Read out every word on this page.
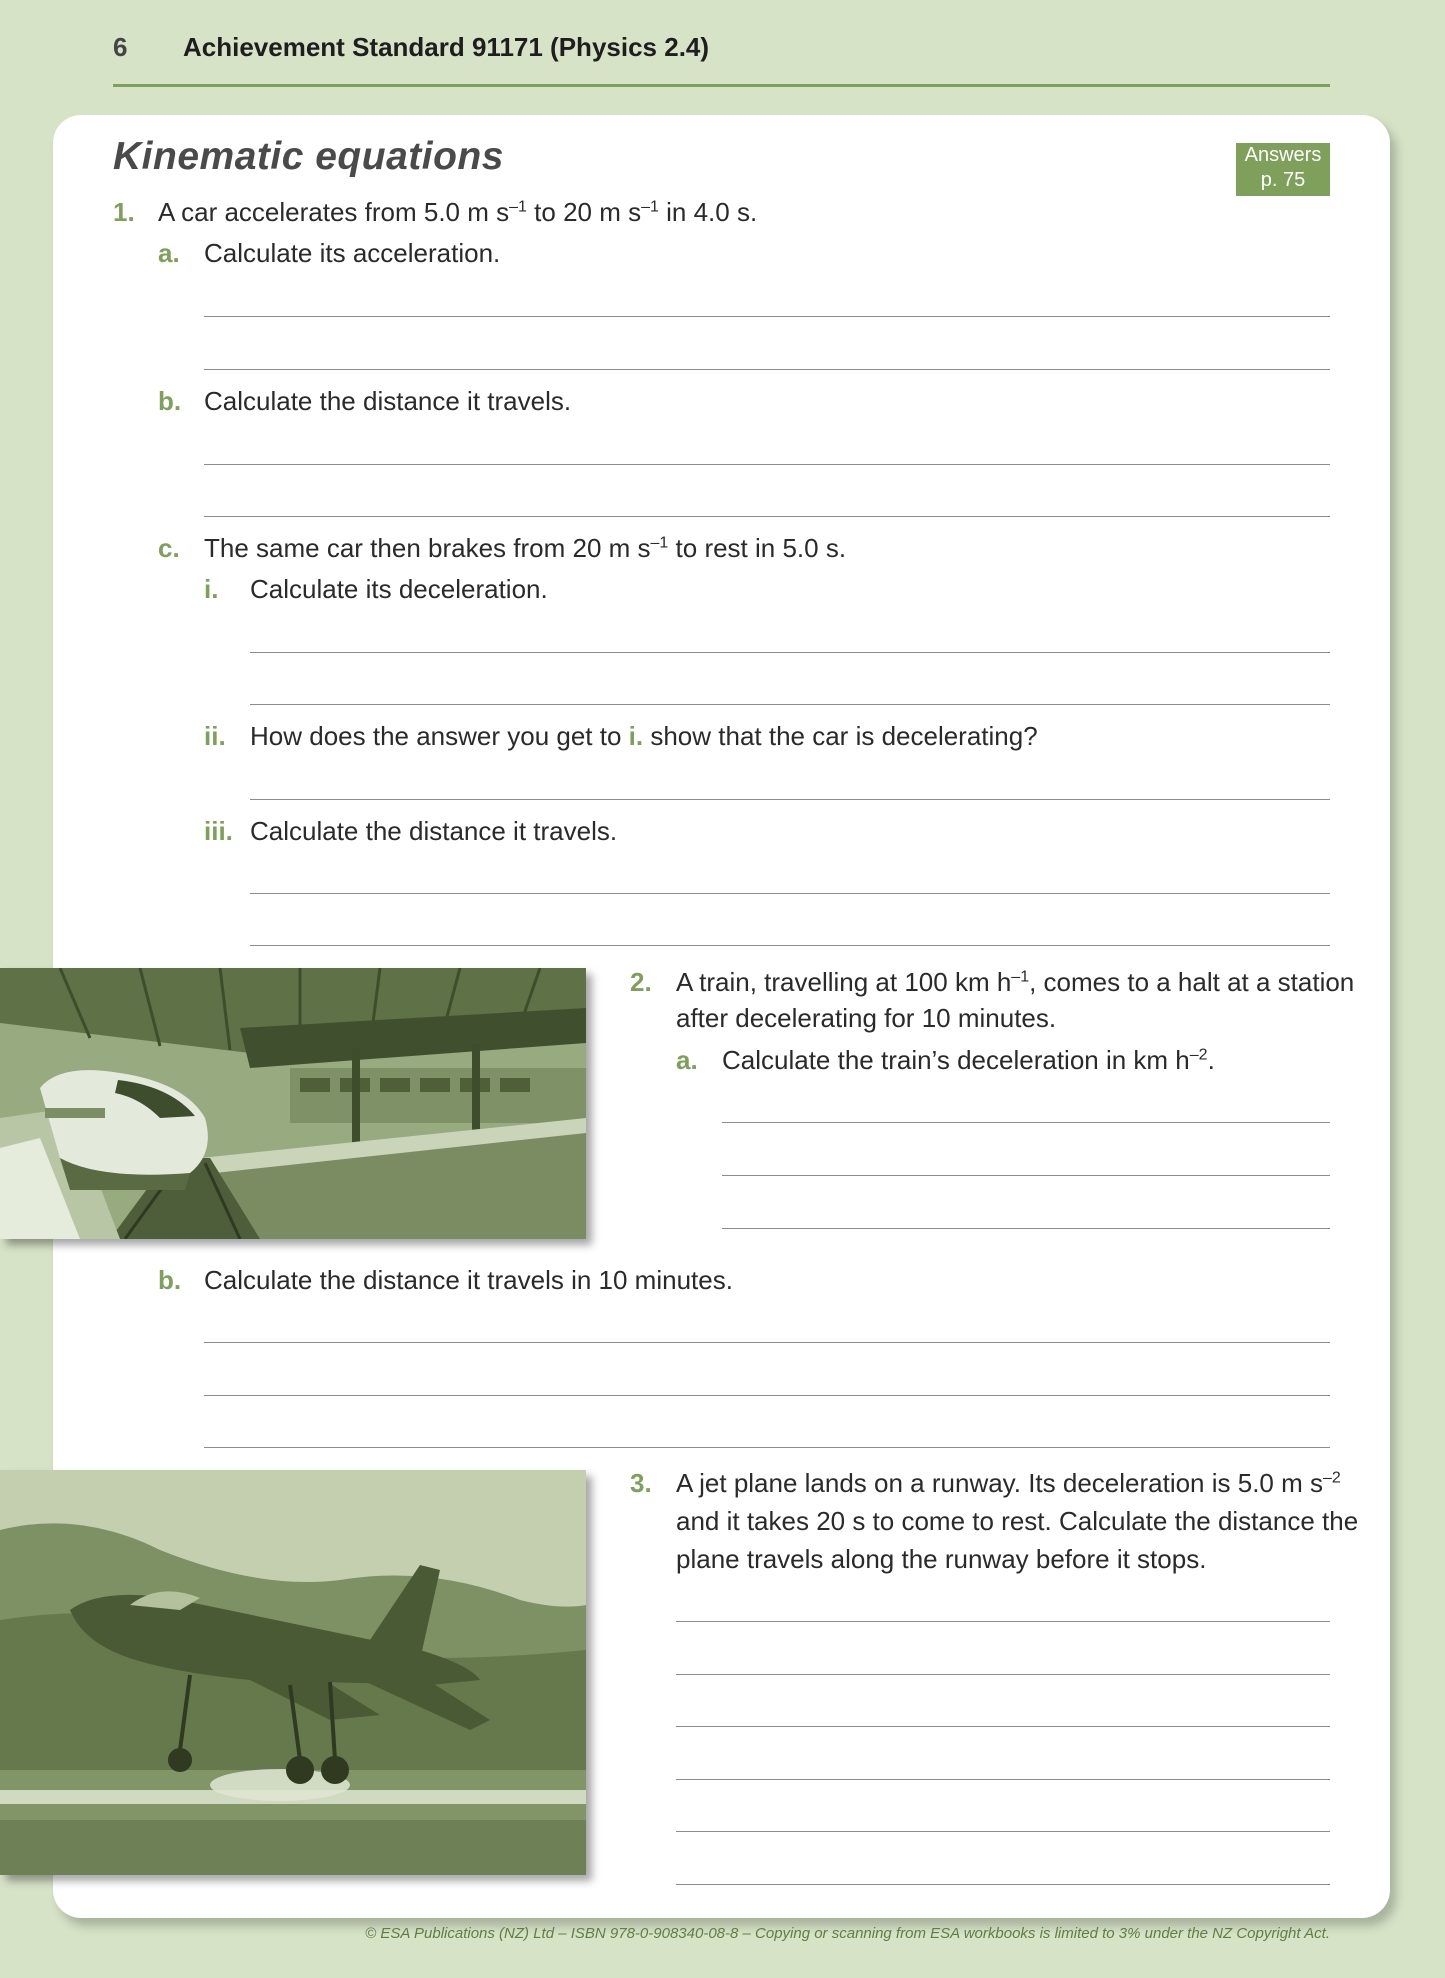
6 Achievement Standard 91171 (Physics 2.4)
Kinematic equations	Answers
p. 75
1. A car accelerates from 5.0 m $s^{-1}$ to 20 m $s^{-1}$ in 4.0 s.
a. Calculate its acceleration.
b. Calculate the distance it travels.
c. The same car then brakes from 20 m $s^{-1}$ to rest in 5.0 s.
i. Calculate its deceleration.
ii. How does the answer you get to i. show that the car is decelerating?
iii. Calculate the distance it travels.
2. A train, travelling at 100 km $h^{-1}$, comes to a halt at a station
after decelerating for 10 minutes.
a. Calculate the train’s deceleration in km $h^{-2}$.
b. Calculate the distance it travels in 10 minutes.
3. A jet plane lands on a runway. Its deceleration is 5.0 m $s^{-2}$
and it takes 20 s to come to rest. Calculate the distance the
plane travels along the runway before it stops.
© ESA Publications (NZ) Ltd – ISBN 978-0-908340-08-8 – Copying or scanning from ESA workbooks is limited to 3% under the NZ Copyright Act.
